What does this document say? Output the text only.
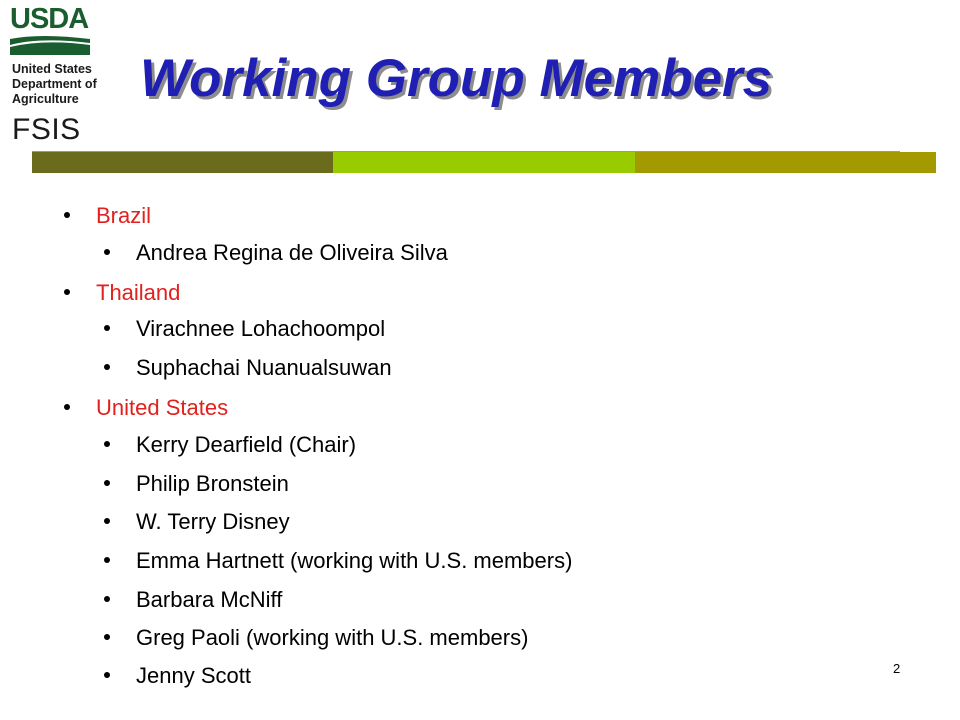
USDA
United States
Department of
Agriculture
FSIS
Working Group Members
Brazil
Andrea Regina de Oliveira Silva
Thailand
Virachnee Lohachoompol
Suphachai Nuanualsuwan
United States
Kerry Dearfield (Chair)
Philip Bronstein
W. Terry Disney
Emma Hartnett (working with U.S. members)
Barbara McNiff
Greg Paoli (working with U.S. members)
Jenny Scott	2
